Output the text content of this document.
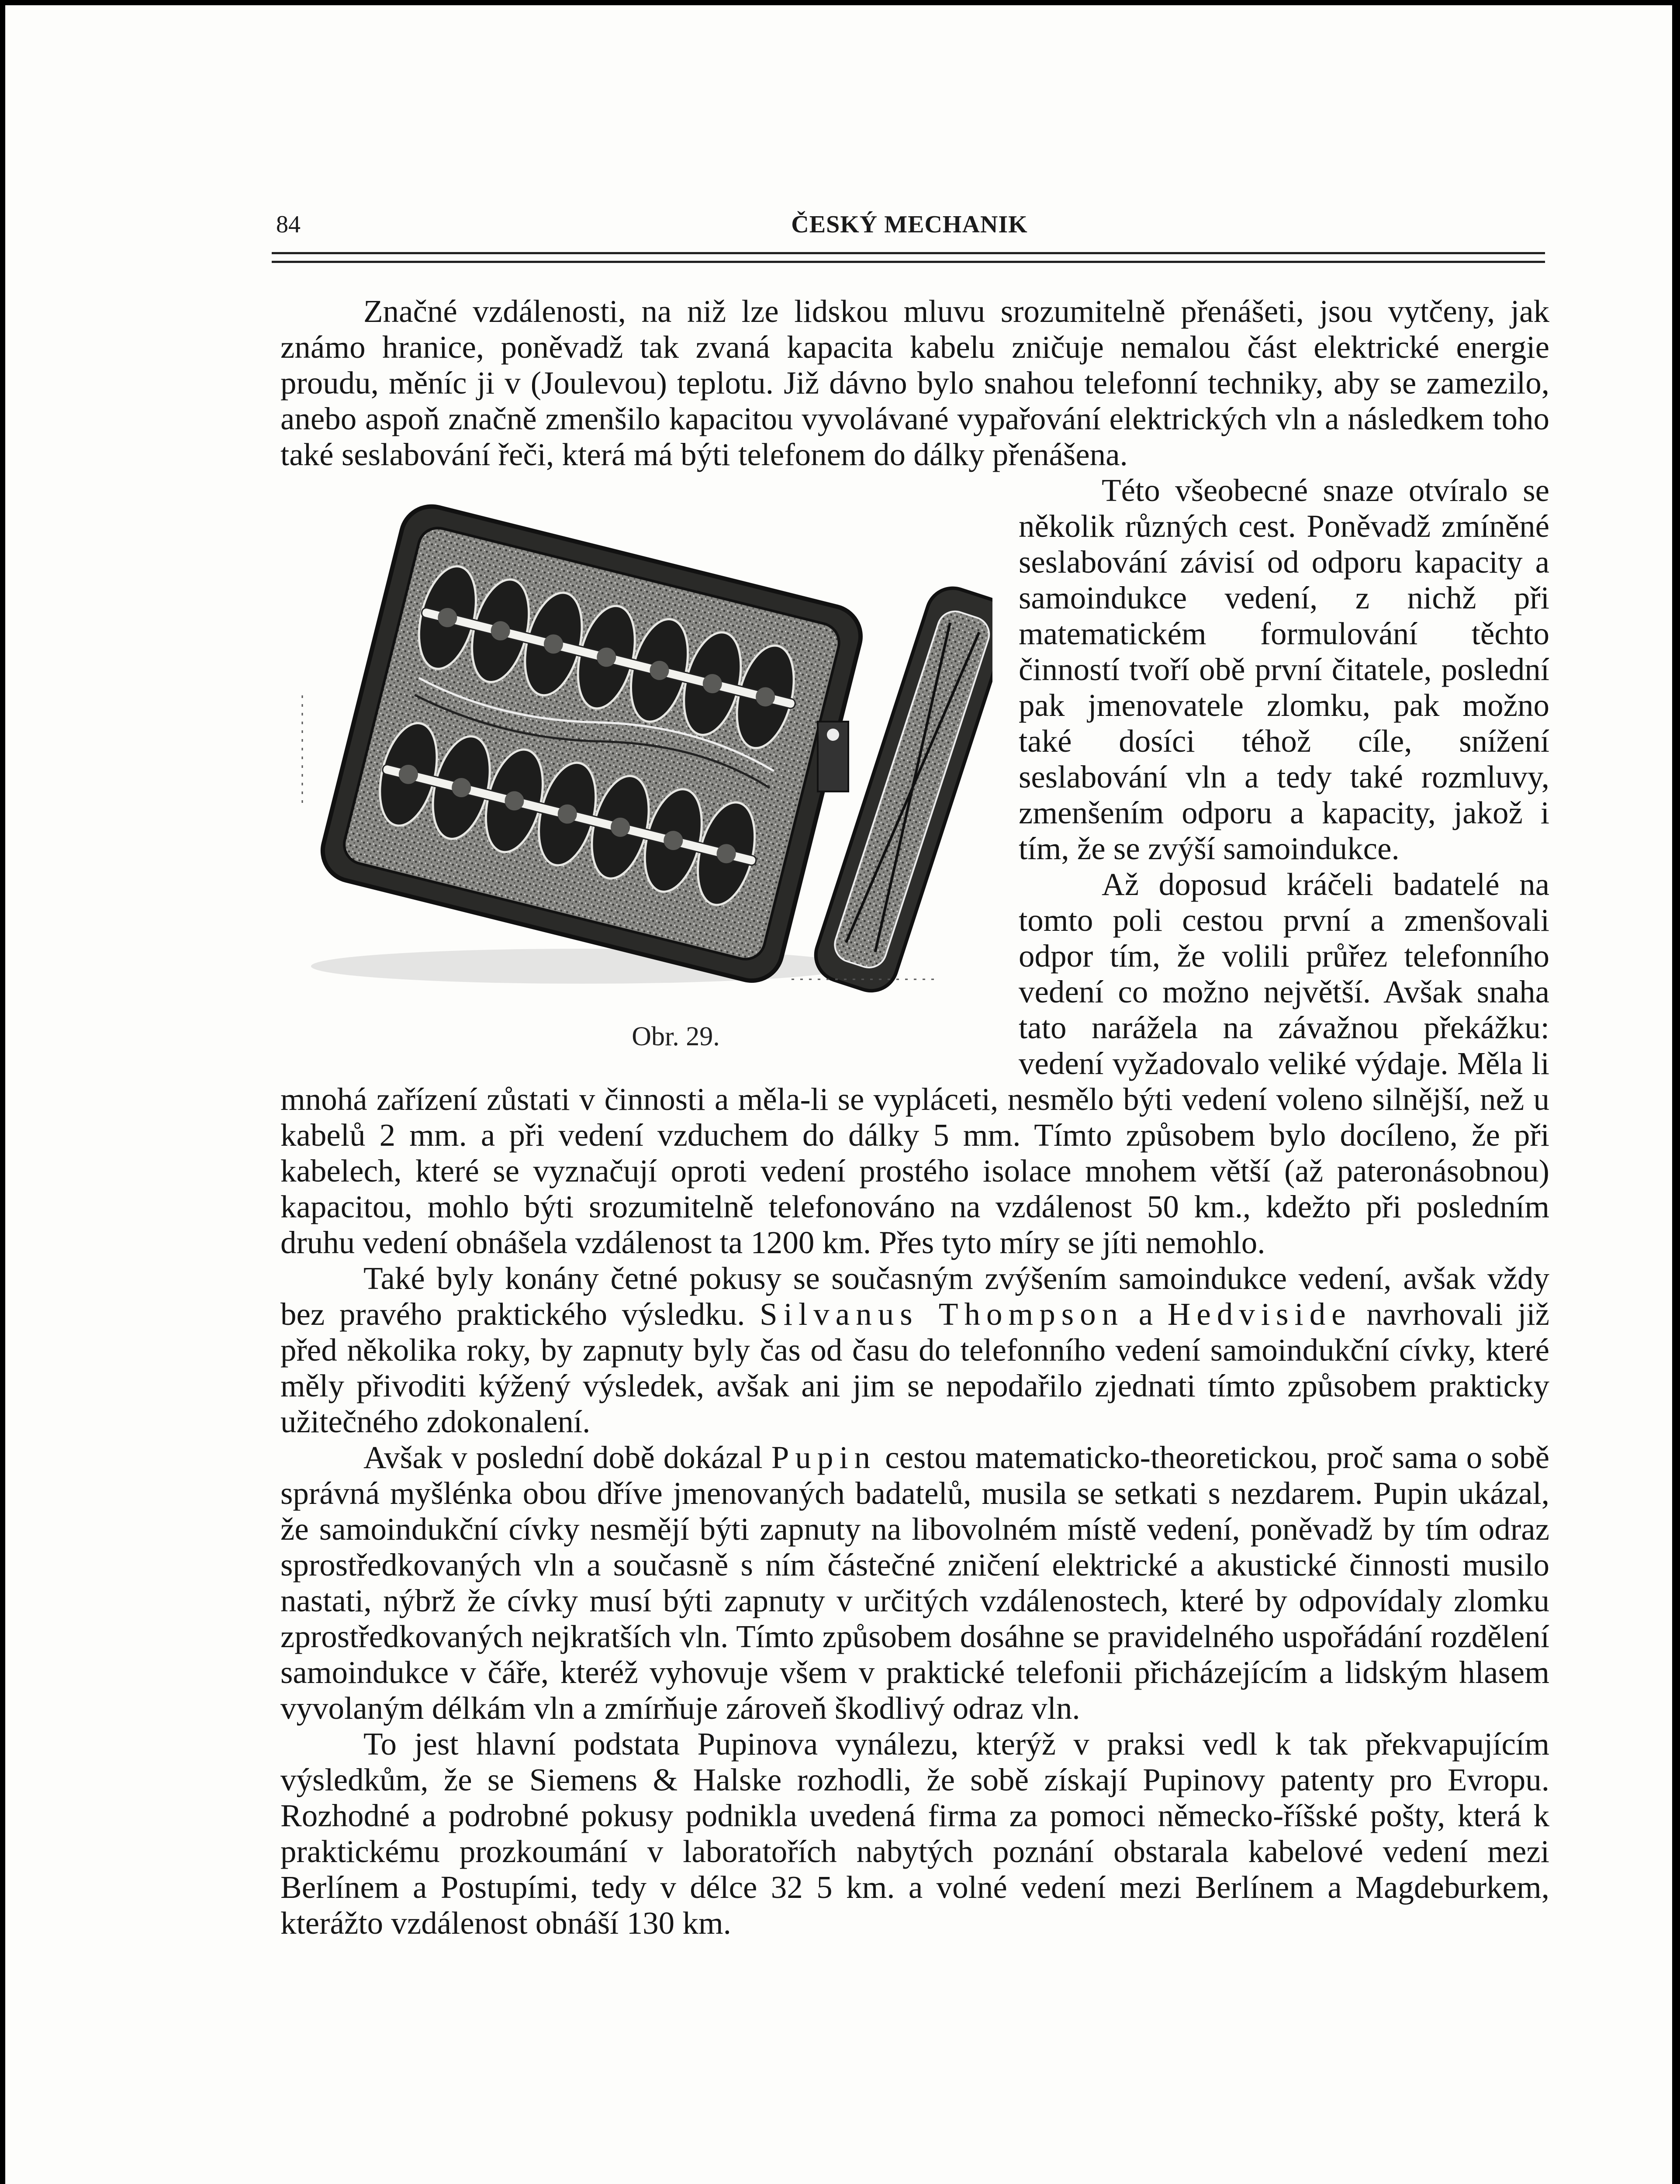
84	ČESKÝ MECHANIK

Značné vzdálenosti, na niž lze lidskou mluvu srozumitelně přenášeti, jsou vytčeny, jak známo hranice, poněvadž tak zvaná kapacita kabelu zničuje nemalou část elektrické energie proudu, měníc ji v (Joulevou) teplotu. Již dávno bylo snahou telefonní techniky, aby se zamezilo, anebo aspoň značně zmenšilo kapacitou vyvolávané vypařování elektrických vln a následkem toho také seslabování řeči, která má býti telefonem do dálky přenášena.

Obr. 29.
Této všeobecné snaze otvíralo se několik různých cest. Poněvadž zmíněné seslabování závisí od odporu kapacity a samoindukce vedení, z nichž při matematickém formulování těchto činností tvoří obě první čitatele, poslední pak jmenovatele zlomku, pak možno také dosíci téhož cíle, snížení seslabování vln a tedy také rozmluvy, zmenšením odporu a kapacity, jakož i tím, že se zvýší samoindukce.

Až doposud kráčeli badatelé na tomto poli cestou první a zmenšovali odpor tím, že volili průřez telefonního vedení co možno největší. Avšak snaha tato narážela na závažnou překážku: vedení vyžadovalo veliké výdaje. Měla li mnohá zařízení zůstati v činnosti a měla-li se vypláceti, nesmělo býti vedení voleno silnější, než u kabelů 2 mm. a při vedení vzduchem do dálky 5 mm. Tímto způsobem bylo docíleno, že při kabelech, které se vyznačují oproti vedení prostého isolace mnohem větší (až pateronásobnou) kapacitou, mohlo býti srozumitelně telefonováno na vzdálenost 50 km., kdežto při posledním druhu vedení obnášela vzdálenost ta 1200 km. Přes tyto míry se jíti nemohlo.

Také byly konány četné pokusy se současným zvýšením samoindukce vedení, avšak vždy bez pravého praktického výsledku. Silvanus Thompson a Hedviside navrhovali již před několika roky, by zapnuty byly čas od času do telefonního vedení samoindukční cívky, které měly přivoditi kýžený výsledek, avšak ani jim se nepodařilo zjednati tímto způsobem prakticky užitečného zdokonalení.

Avšak v poslední době dokázal Pupin cestou matematicko-theoretickou, proč sama o sobě správná myšlénka obou dříve jmenovaných badatelů, musila se setkati s nezdarem. Pupin ukázal, že samoindukční cívky nesmějí býti zapnuty na libovolném místě vedení, poněvadž by tím odraz sprostředkovaných vln a současně s ním částečné zničení elektrické a akustické činnosti musilo nastati, nýbrž že cívky musí býti zapnuty v určitých vzdálenostech, které by odpovídaly zlomku zprostředkovaných nejkratších vln. Tímto způsobem dosáhne se pravidelného uspořádání rozdělení samoindukce v čáře, kteréž vyhovuje všem v praktické telefonii přicházejícím a lidským hlasem vyvolaným délkám vln a zmírňuje zároveň škodlivý odraz vln.

To jest hlavní podstata Pupinova vynálezu, kterýž v praksi vedl k tak překvapujícím výsledkům, že se Siemens & Halske rozhodli, že sobě získají Pupinovy patenty pro Evropu. Rozhodné a podrobné pokusy podnikla uvedená firma za pomoci německo-říšské pošty, která k praktickému prozkoumání v laboratořích nabytých poznání obstarala kabelové vedení mezi Berlínem a Postupími, tedy v délce 32 5 km. a volné vedení mezi Berlínem a Magdeburkem, kterážto vzdálenost obnáší 130 km.
